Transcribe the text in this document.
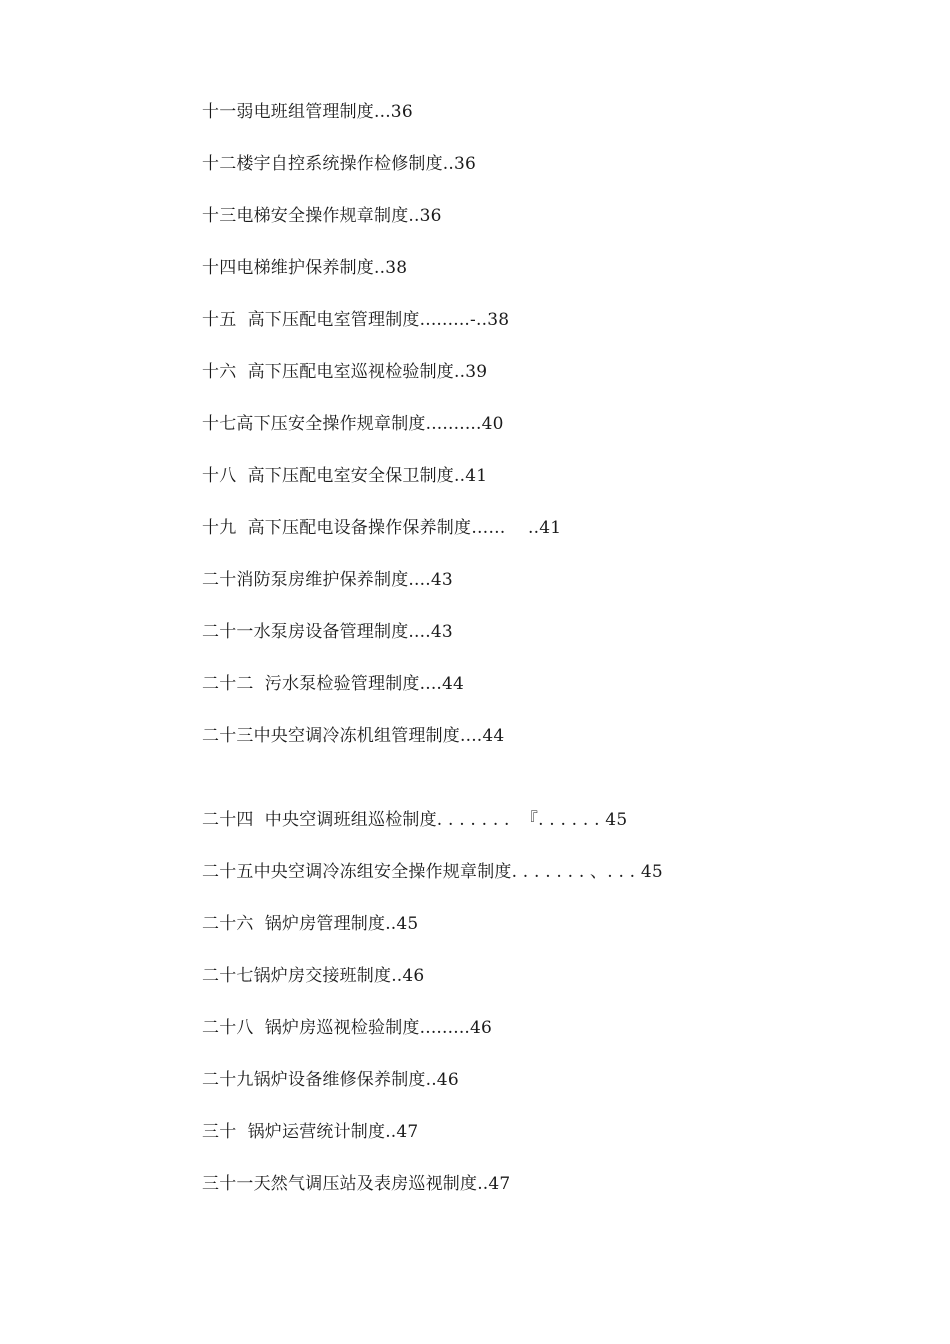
十一弱电班组管理制度...36
十二楼宇自控系统操作检修制度..36
十三电梯安全操作规章制度..36
十四电梯维护保养制度..38
十五  高下压配电室管理制度.........-..38
十六  高下压配电室巡视检验制度..39
十七高下压安全操作规章制度..........40
十八  高下压配电室安全保卫制度..41
十九  高下压配电设备操作保养制度……    ..41
二十消防泵房维护保养制度....43
二十一水泵房设备管理制度....43
二十二  污水泵检验管理制度....44
二十三中央空调冷冻机组管理制度....44
二十四  中央空调班组巡检制度. . . . . . .  『. . . . . . 45
二十五中央空调冷冻组安全操作规章制度. . . . . . . 、. . . 45
二十六  锅炉房管理制度..45
二十七锅炉房交接班制度..46
二十八  锅炉房巡视检验制度.........46
二十九锅炉设备维修保养制度..46
三十  锅炉运营统计制度..47
三十一天然气调压站及表房巡视制度..47
